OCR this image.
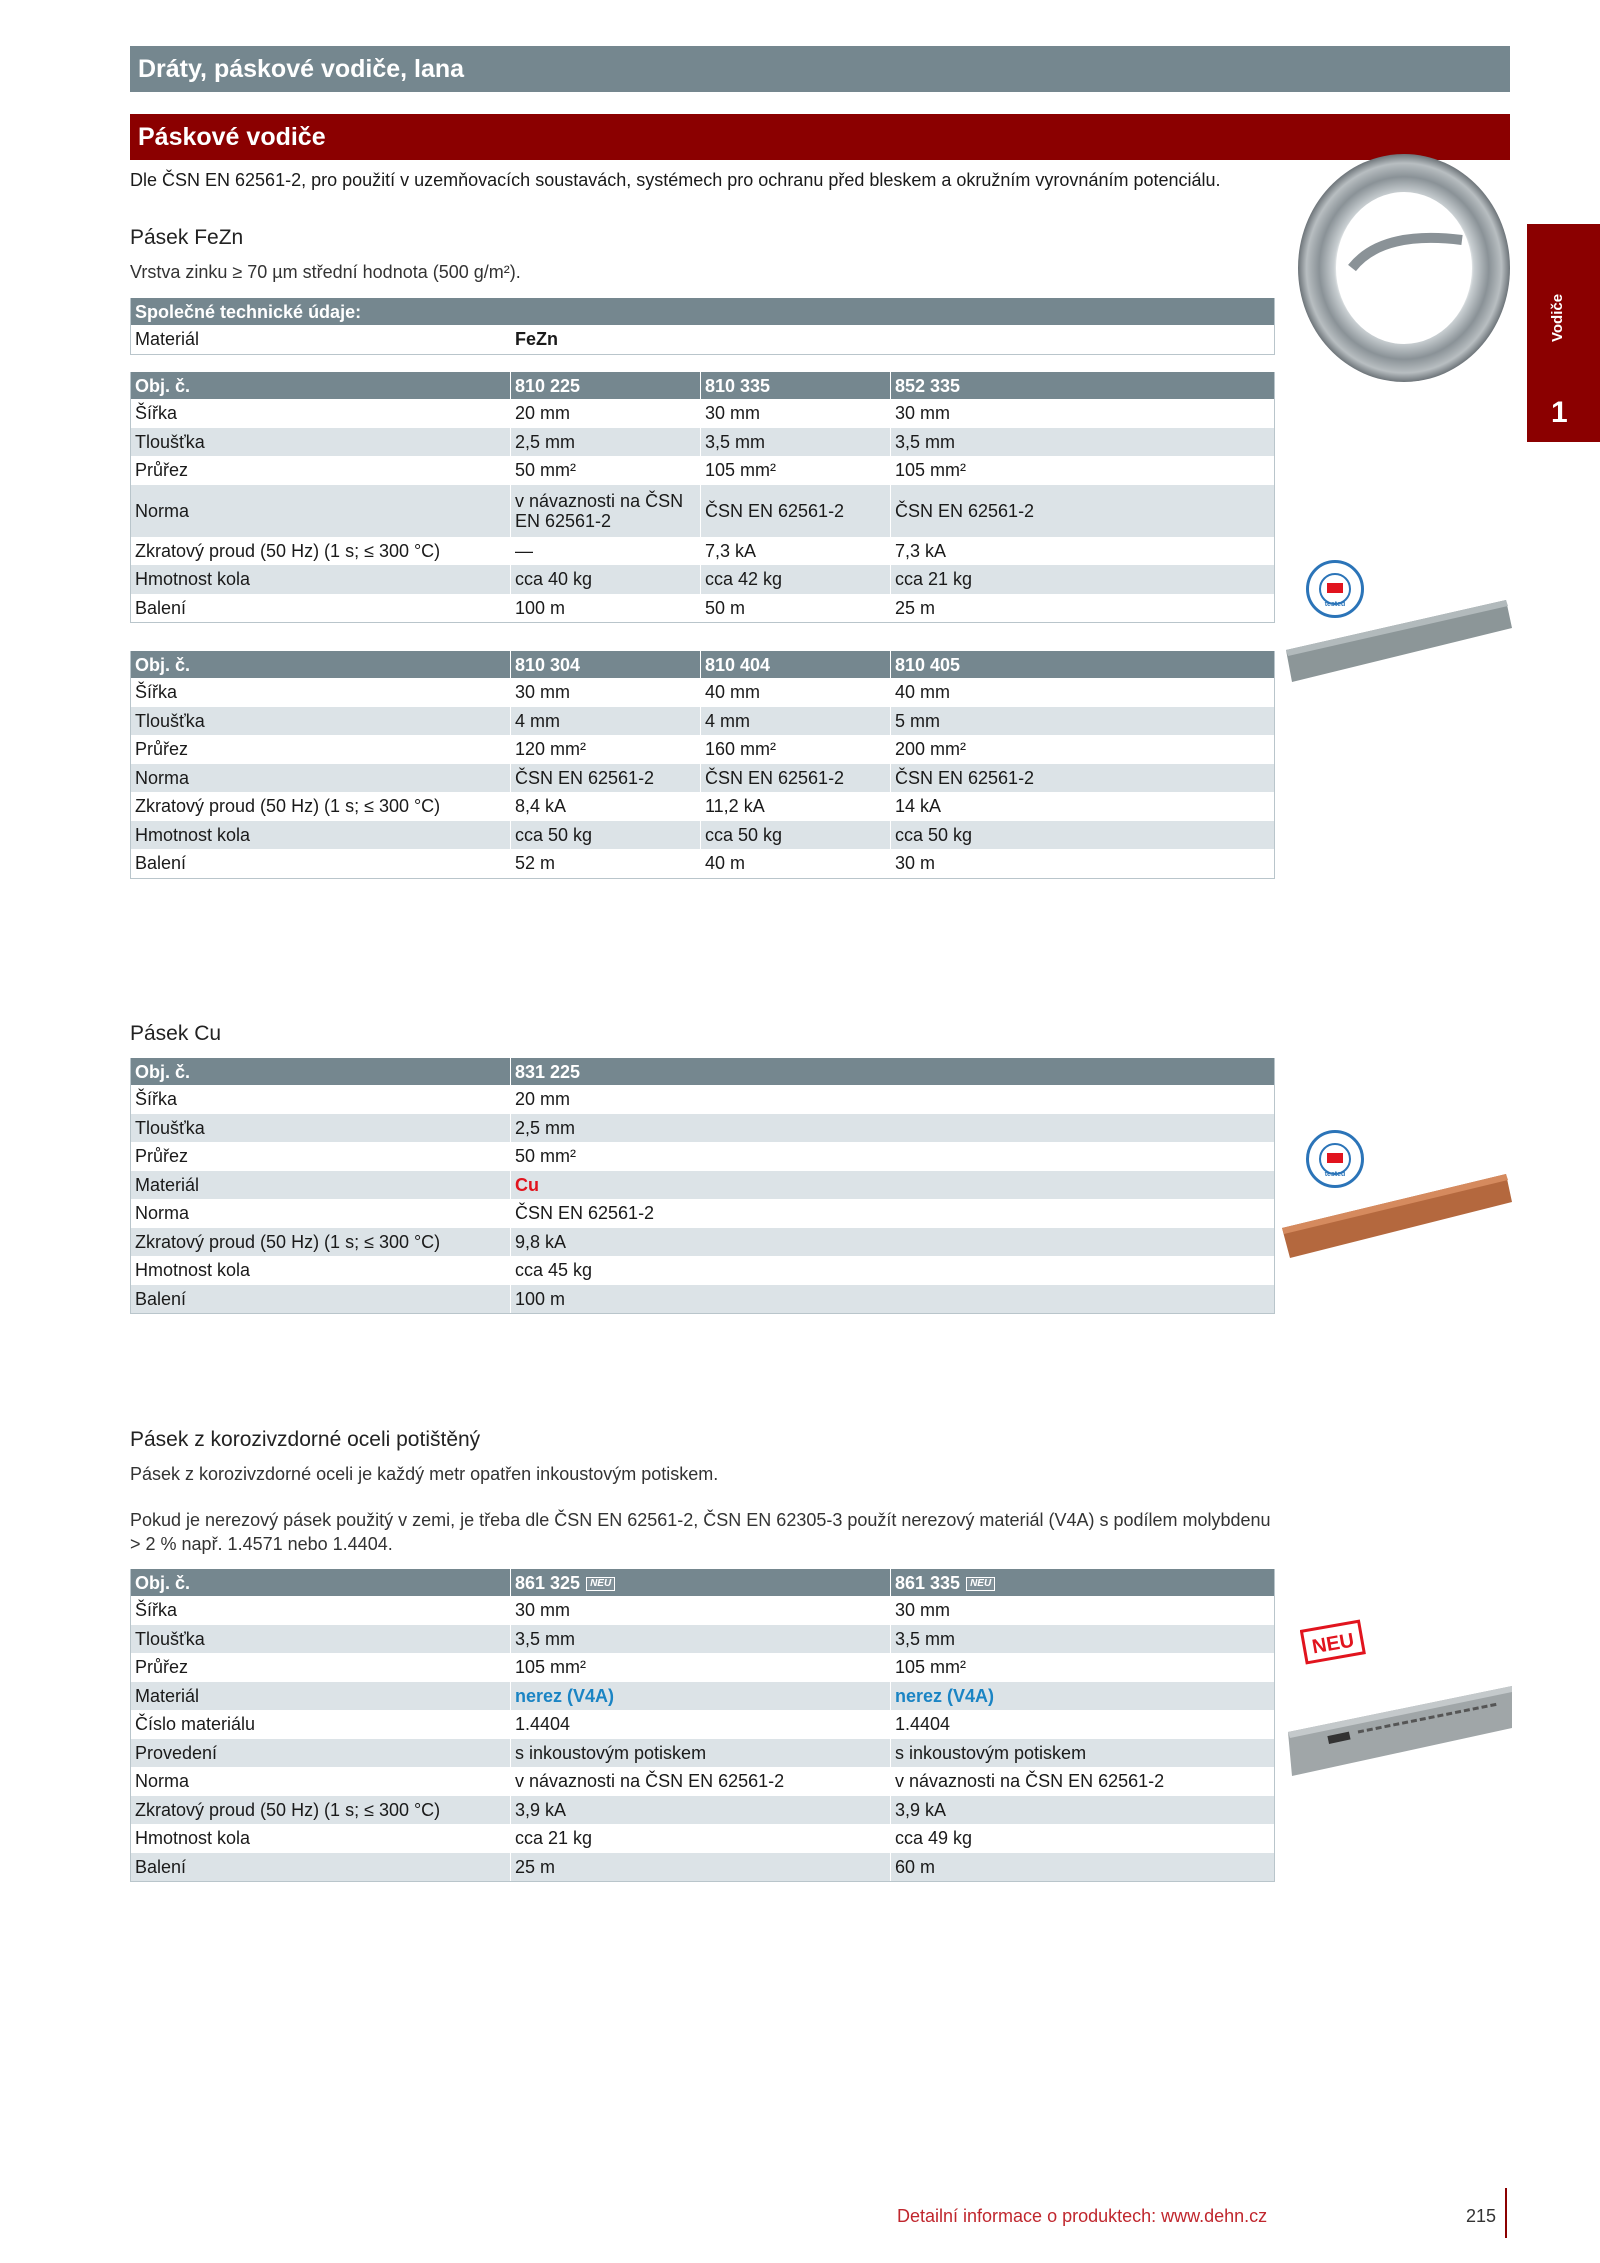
Dráty, páskové vodiče, lana
Páskové vodiče
Dle ČSN EN 62561-2, pro použití v uzemňovacích soustavách, systémech pro ochranu před bleskem a okružním vyrovnáním potenciálu.
Vodiče
1
Pásek FeZn
Vrstva zinku ≥ 70 µm střední hodnota (500 g/m²).
Společné technické údaje:
Materiál	FeZn
Obj. č.	810 225	810 335	852 335
Šířka	20 mm	30 mm	30 mm
Tloušťka	2,5 mm	3,5 mm	3,5 mm
Průřez	50 mm²	105 mm²	105 mm²
Norma	v návaznosti na ČSN EN 62561-2	ČSN EN 62561-2	ČSN EN 62561-2
Zkratový proud (50 Hz) (1 s; ≤ 300 °C)	—	7,3 kA	7,3 kA
Hmotnost kola	cca 40 kg	cca 42 kg	cca 21 kg
Balení	100 m	50 m	25 m
Obj. č.	810 304	810 404	810 405
Šířka	30 mm	40 mm	40 mm
Tloušťka	4 mm	4 mm	5 mm
Průřez	120 mm²	160 mm²	200 mm²
Norma	ČSN EN 62561-2	ČSN EN 62561-2	ČSN EN 62561-2
Zkratový proud (50 Hz) (1 s; ≤ 300 °C)	8,4 kA	11,2 kA	14 kA
Hmotnost kola	cca 50 kg	cca 50 kg	cca 50 kg
Balení	52 m	40 m	30 m
Pásek Cu
Obj. č.	831 225
Šířka	20 mm
Tloušťka	2,5 mm
Průřez	50 mm²
Materiál	Cu
Norma	ČSN EN 62561-2
Zkratový proud (50 Hz) (1 s; ≤ 300 °C)	9,8 kA
Hmotnost kola	cca 45 kg
Balení	100 m
Pásek z korozivzdorné oceli potištěný
Pásek z korozivzdorné oceli je každý metr opatřen inkoustovým potiskem.
Pokud je nerezový pásek použitý v zemi, je třeba dle ČSN EN 62561-2, ČSN EN 62305-3 použít nerezový materiál (V4A) s podílem molybdenu > 2 % např. 1.4571 nebo 1.4404.
Obj. č.	861 325 NEU	861 335 NEU
Šířka	30 mm	30 mm
Tloušťka	3,5 mm	3,5 mm
Průřez	105 mm²	105 mm²
Materiál	nerez (V4A)	nerez (V4A)
Číslo materiálu	1.4404	1.4404
Provedení	s inkoustovým potiskem	s inkoustovým potiskem
Norma	v návaznosti na ČSN EN 62561-2	v návaznosti na ČSN EN 62561-2
Zkratový proud (50 Hz) (1 s; ≤ 300 °C)	3,9 kA	3,9 kA
Hmotnost kola	cca 21 kg	cca 49 kg
Balení	25 m	60 m
tested
tested
NEU
Detailní informace o produktech: www.dehn.cz	215
